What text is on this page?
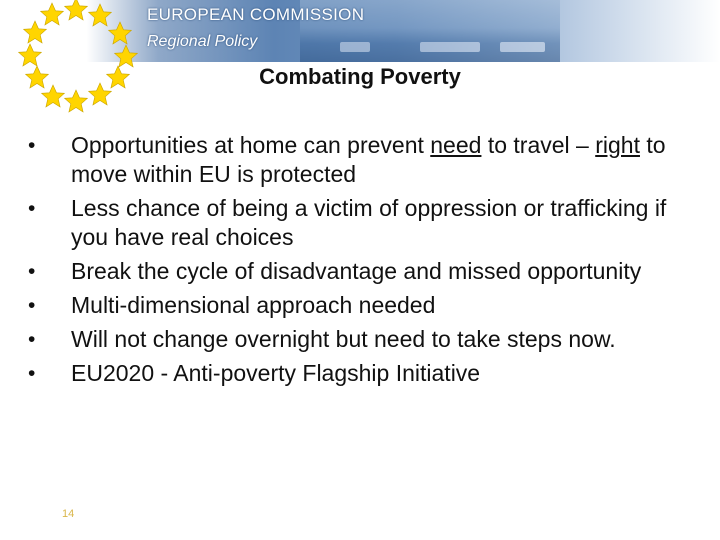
EUROPEAN COMMISSION
Regional Policy
Combating Poverty
• Opportunities at home can prevent need to travel – right to move within EU is protected
• Less chance of being a victim of oppression or trafficking if you have real choices
• Break the cycle of disadvantage and missed opportunity
• Multi-dimensional approach needed
• Will not change overnight but need to take steps now.
• EU2020 - Anti-poverty Flagship Initiative
14
